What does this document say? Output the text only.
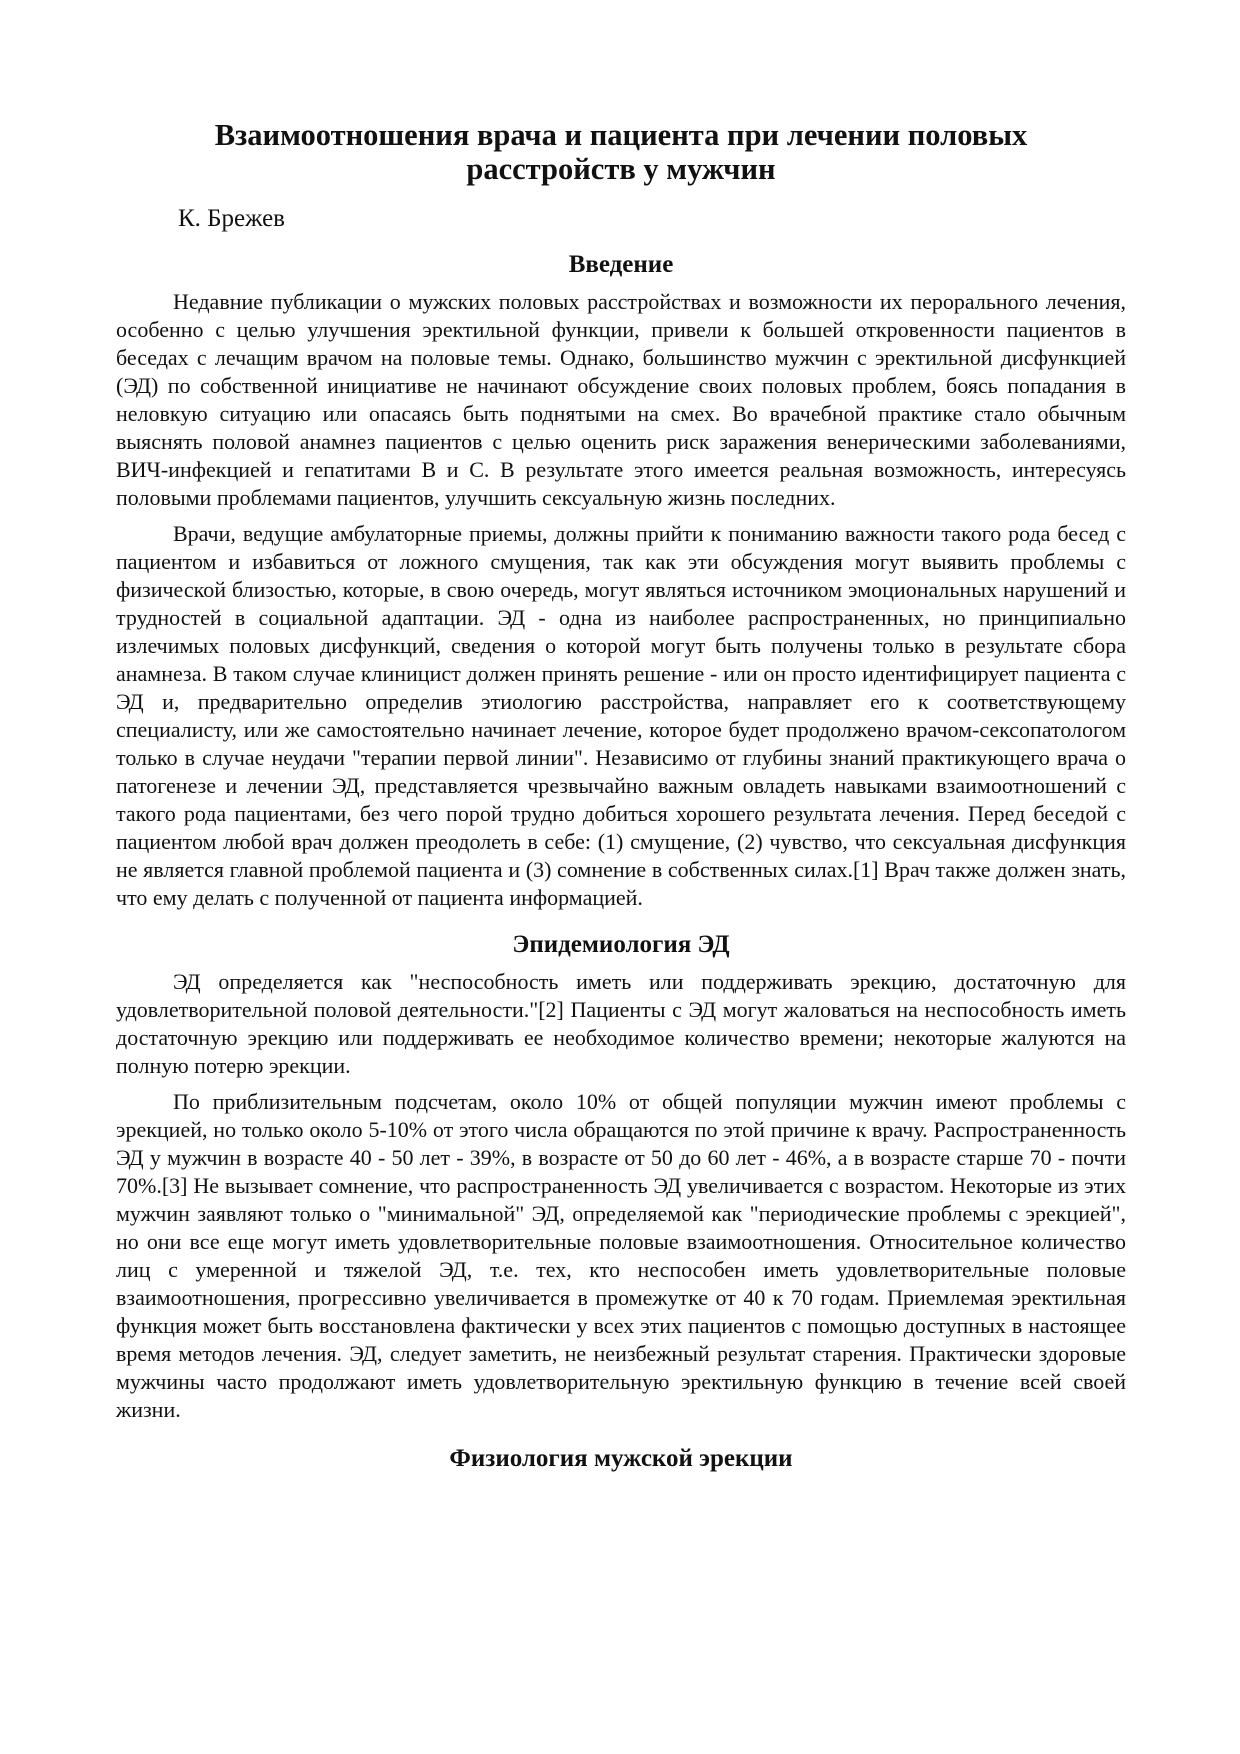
Взаимоотношения врача и пациента при лечении половых расстройств у мужчин
К. Брежев
Введение

Недавние публикации о мужских половых расстройствах и возможности их перорального лечения, особенно с целью улучшения эректильной функции, привели к большей откровенности пациентов в беседах с лечащим врачом на половые темы. Однако, большинство мужчин с эректильной дисфункцией (ЭД) по собственной инициативе не начинают обсуждение своих половых проблем, боясь попадания в неловкую ситуацию или опасаясь быть поднятыми на смех. Во врачебной практике стало обычным выяснять половой анамнез пациентов с целью оценить риск заражения венерическими заболеваниями, ВИЧ-инфекцией и гепатитами В и С. В результате этого имеется реальная возможность, интересуясь половыми проблемами пациентов, улучшить сексуальную жизнь последних.

Врачи, ведущие амбулаторные приемы, должны прийти к пониманию важности такого рода бесед с пациентом и избавиться от ложного смущения, так как эти обсуждения могут выявить проблемы с физической близостью, которые, в свою очередь, могут являться источником эмоциональных нарушений и трудностей в социальной адаптации. ЭД - одна из наиболее распространенных, но принципиально излечимых половых дисфункций, сведения о которой могут быть получены только в результате сбора анамнеза. В таком случае клиницист должен принять решение - или он просто идентифицирует пациента с ЭД и, предварительно определив этиологию расстройства, направляет его к соответствующему специалисту, или же самостоятельно начинает лечение, которое будет продолжено врачом-сексопатологом только в случае неудачи "терапии первой линии". Независимо от глубины знаний практикующего врача о патогенезе и лечении ЭД, представляется чрезвычайно важным овладеть навыками взаимоотношений с такого рода пациентами, без чего порой трудно добиться хорошего результата лечения. Перед беседой с пациентом любой врач должен преодолеть в себе: (1) смущение, (2) чувство, что сексуальная дисфункция не является главной проблемой пациента и (3) сомнение в собственных силах.[1] Врач также должен знать, что ему делать с полученной от пациента информацией.

Эпидемиология ЭД

ЭД определяется как "неспособность иметь или поддерживать эрекцию, достаточную для удовлетворительной половой деятельности."[2] Пациенты с ЭД могут жаловаться на неспособность иметь достаточную эрекцию или поддерживать ее необходимое количество времени; некоторые жалуются на полную потерю эрекции.

По приблизительным подсчетам, около 10% от общей популяции мужчин имеют проблемы с эрекцией, но только около 5-10% от этого числа обращаются по этой причине к врачу. Распространенность ЭД у мужчин в возрасте 40 - 50 лет - 39%, в возрасте от 50 до 60 лет - 46%, а в возрасте старше 70 - почти 70%.[3] Не вызывает сомнение, что распространенность ЭД увеличивается с возрастом. Некоторые из этих мужчин заявляют только о "минимальной" ЭД, определяемой как "периодические проблемы с эрекцией", но они все еще могут иметь удовлетворительные половые взаимоотношения. Относительное количество лиц с умеренной и тяжелой ЭД, т.е. тех, кто неспособен иметь удовлетворительные половые взаимоотношения, прогрессивно увеличивается в промежутке от 40 к 70 годам. Приемлемая эректильная функция может быть восстановлена фактически у всех этих пациентов с помощью доступных в настоящее время методов лечения. ЭД, следует заметить, не неизбежный результат старения. Практически здоровые мужчины часто продолжают иметь удовлетворительную эректильную функцию в течение всей своей жизни.

Физиология мужской эрекции
